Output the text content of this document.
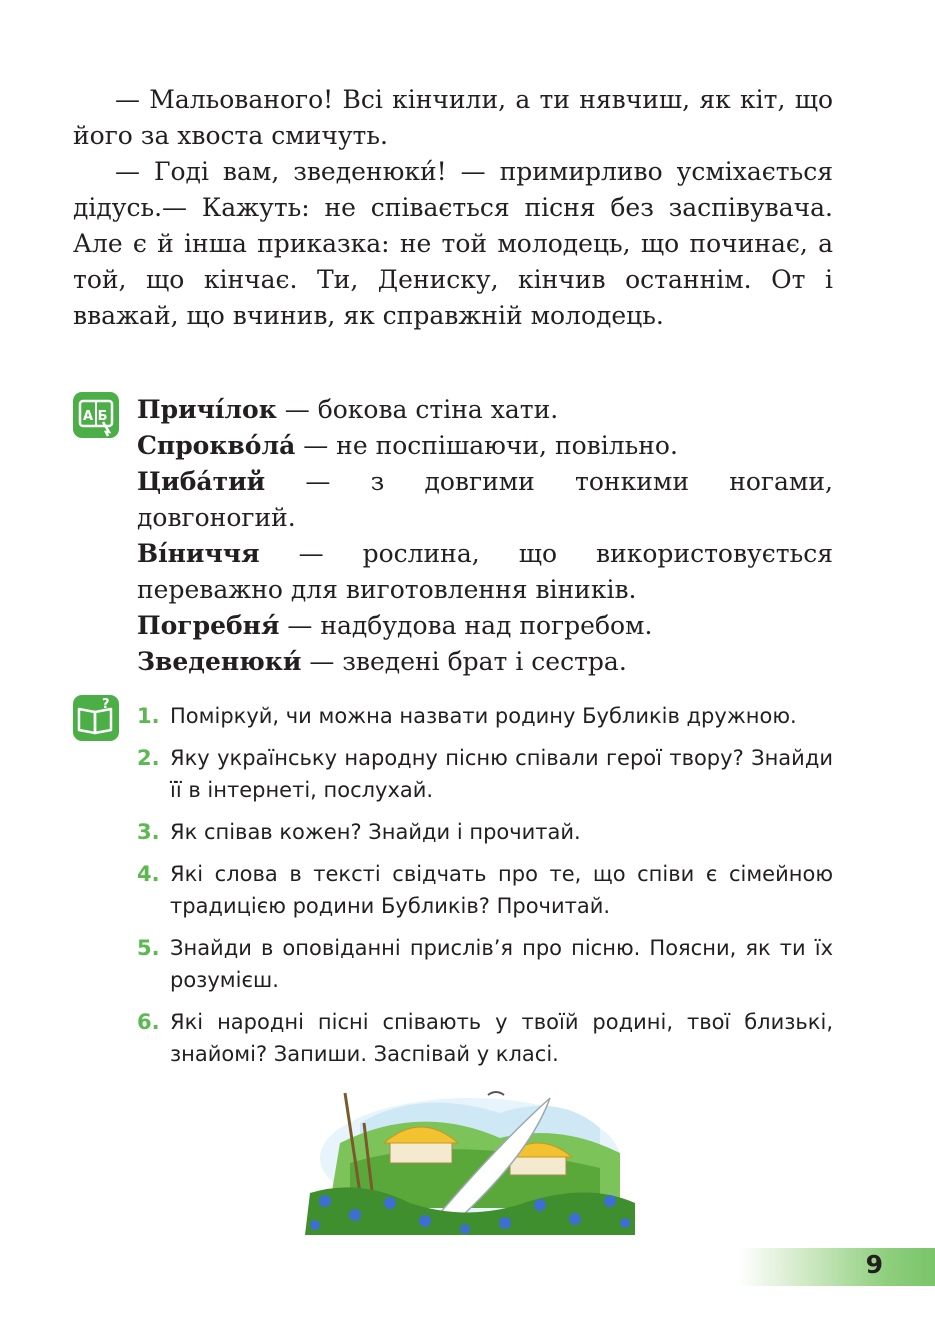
— Мальованого! Всі кінчили, а ти нявчиш, як кіт, що його за хвоста смичуть.

— Годі вам, зведенюки́! — примирливо усміхається дідусь.— Кажуть: не співається пісня без заспівувача. Але є й інша приказка: не той молодець, що починає, а той, що кінчає. Ти, Дениску, кінчив останнім. От і вважай, що вчинив, як справжній молодець.

А Б Причі́лок — бокова стіна хати.

Спрокво́ла́ — не поспішаючи, повільно.

Циба́тий — з довгими тонкими ногами, довгоногий.

Ві́ниччя — рослина, що використовується переважно для виготовлення віників.

Погребня́ — надбудова над погребом.

Зведенюки́ — зведені брат і сестра.

? 1. Поміркуй, чи можна назвати родину Бубликів дружною.
2. Яку українську народну пісню співали герої твору? Знайди її в інтернеті, послухай.
3. Як співав кожен? Знайди і прочитай.
4. Які слова в тексті свідчать про те, що співи є сімейною традицією родини Бубликів? Прочитай.
5. Знайди в оповіданні прислів’я про пісню. Поясни, як ти їх розумієш.
6. Які народні пісні співають у твоїй родині, твої близькі, знайомі? Запиши. Заспівай у класі.
9
